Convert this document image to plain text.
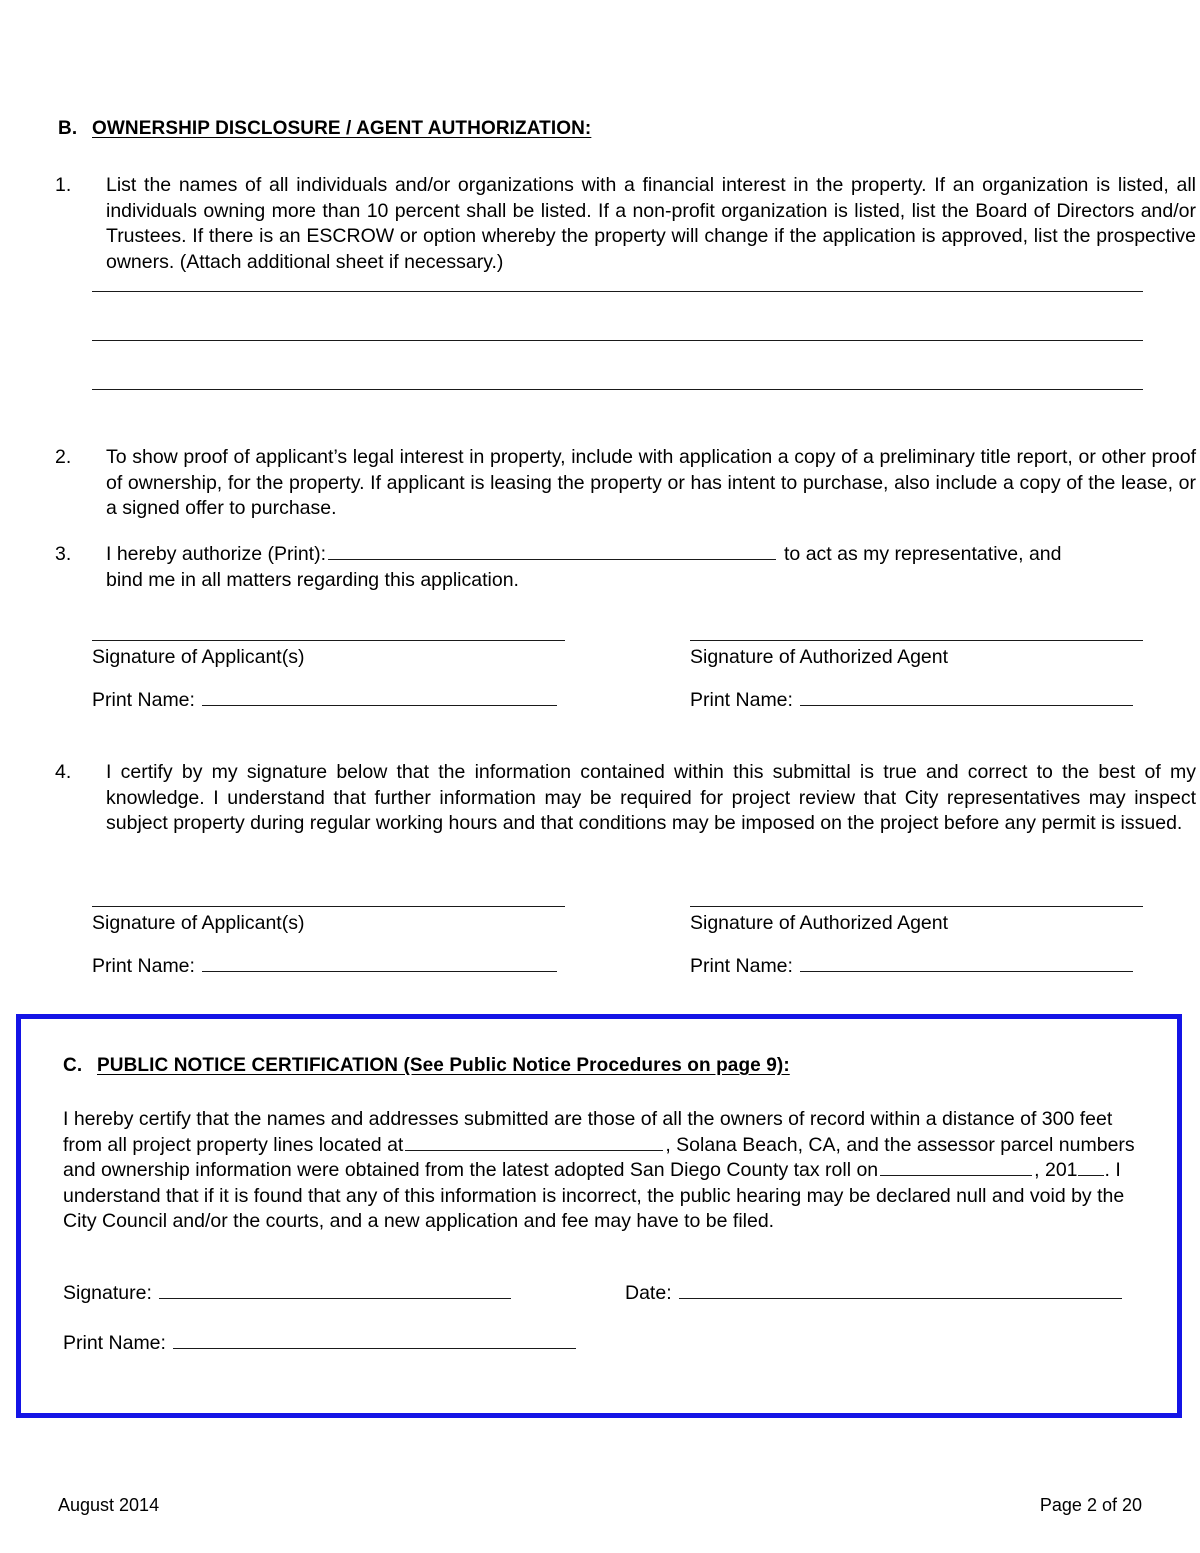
B. OWNERSHIP DISCLOSURE / AGENT AUTHORIZATION:
1.	List the names of all individuals and/or organizations with a financial interest in the property. If an organization is listed, all individuals owning more than 10 percent shall be listed. If a non-profit organization is listed, list the Board of Directors and/or Trustees. If there is an ESCROW or option whereby the property will change if the application is approved, list the prospective owners. (Attach additional sheet if necessary.)
2.	To show proof of applicant’s legal interest in property, include with application a copy of a preliminary title report, or other proof of ownership, for the property. If applicant is leasing the property or has intent to purchase, also include a copy of the lease, or a signed offer to purchase.
3.	I hereby authorize (Print):	to act as my representative, and
bind me in all matters regarding this application.
Signature of Applicant(s)	Signature of Authorized Agent
Print Name:	Print Name:
4.	I certify by my signature below that the information contained within this submittal is true and correct to the best of my knowledge. I understand that further information may be required for project review that City representatives may inspect subject property during regular working hours and that conditions may be imposed on the project before any permit is issued.
Signature of Applicant(s)	Signature of Authorized Agent
Print Name:	Print Name:
C. PUBLIC NOTICE CERTIFICATION (See Public Notice Procedures on page 9):
I hereby certify that the names and addresses submitted are those of all the owners of record within a distance of 300 feet from all project property lines located at	, Solana Beach, CA, and the assessor parcel numbers and ownership information were obtained from the latest adopted San Diego County tax roll on	, 201 . I understand that if it is found that any of this information is incorrect, the public hearing may be declared null and void by the City Council and/or the courts, and a new application and fee may have to be filed.
Signature:	Date:
Print Name:
August 2014	Page 2 of 20
